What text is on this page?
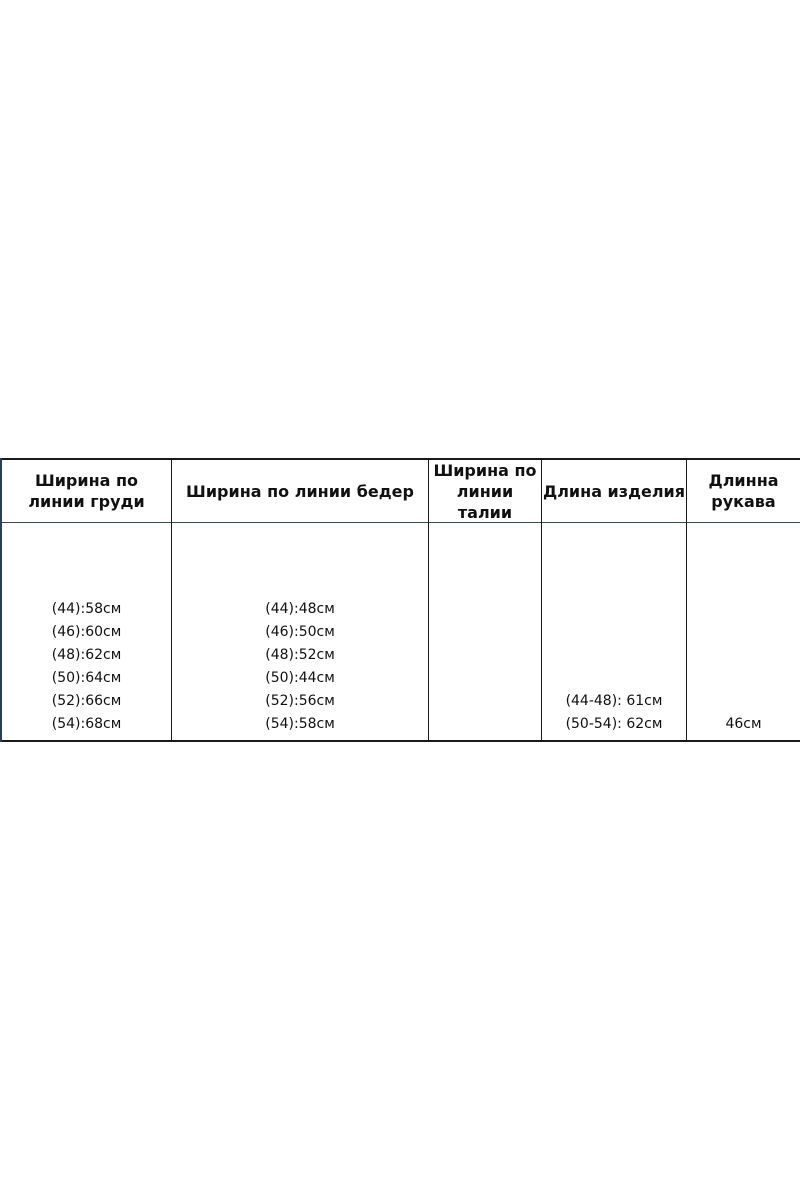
Ширина по линии груди
Ширина по линии бедер
Ширина по линии талии
Длина изделия
Длинна рукава
(44):58см
(46):60см
(48):62см
(50):64см
(52):66см
(54):68см
(44):48см
(46):50см
(48):52см
(50):44см
(52):56см
(54):58см
(44-48): 61см
(50-54): 62см	46см
